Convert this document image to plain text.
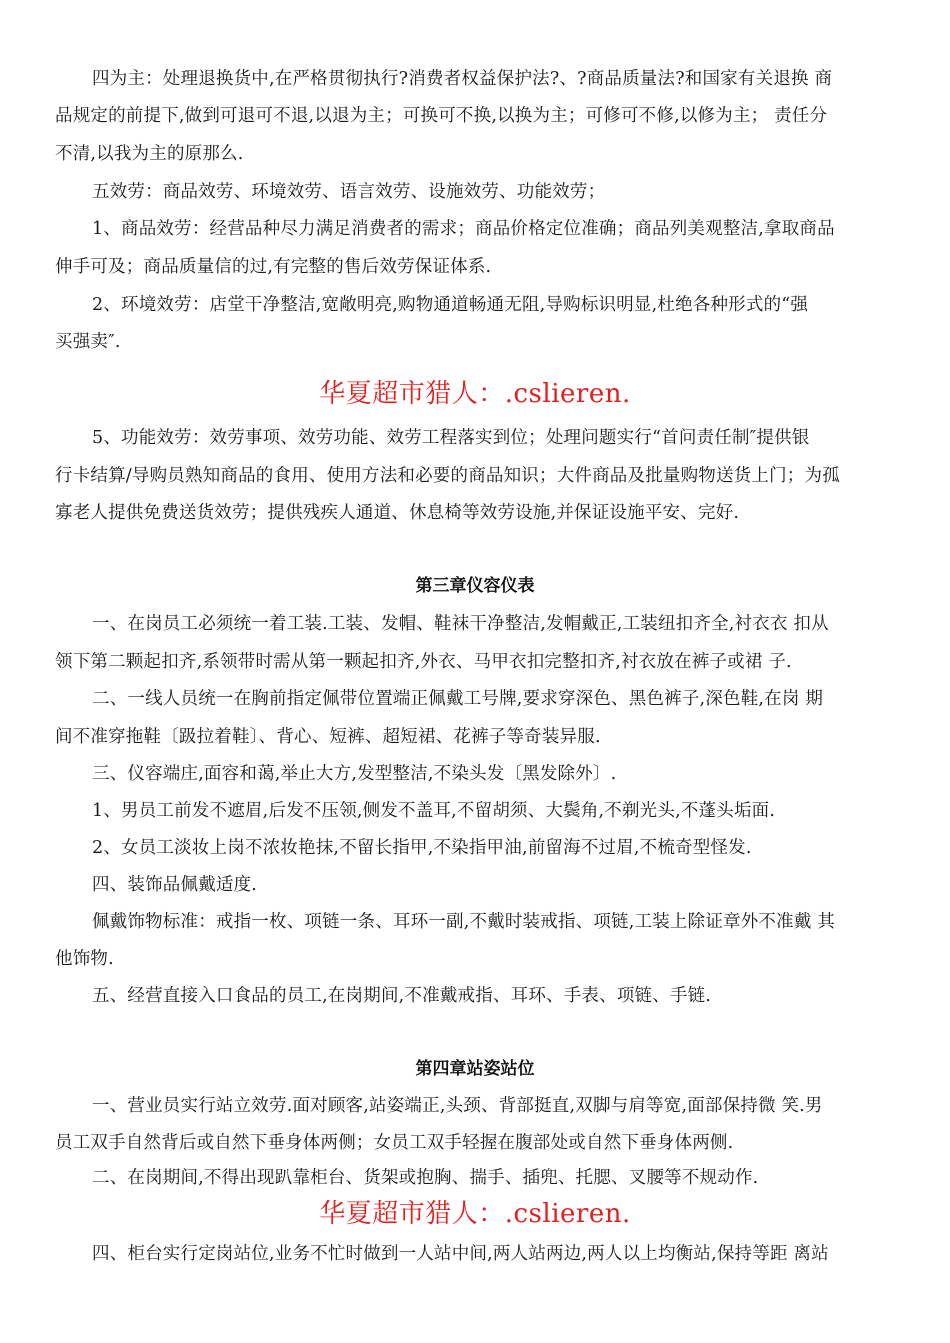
四为主：处理退换货中,在严格贯彻执行?消费者权益保护法?、?商品质量法?和国家有关退换 商
品规定的前提下,做到可退可不退,以退为主；可换可不换,以换为主；可修可不修,以修为主； 责任分
不清,以我为主的原那么.
五效劳：商品效劳、环境效劳、语言效劳、设施效劳、功能效劳；
1、商品效劳：经营品种尽力满足消费者的需求；商品价格定位准确；商品列美观整洁,拿取商品
伸手可及；商品质量信的过,有完整的售后效劳保证体系.
2、环境效劳：店堂干净整洁,宽敞明亮,购物通道畅通无阻,导购标识明显,杜绝各种形式的“强
买强卖″.
华夏超市猎人：.cslieren.
5、功能效劳：效劳事项、效劳功能、效劳工程落实到位；处理问题实行“首问责任制″提供银
行卡结算/导购员熟知商品的食用、使用方法和必要的商品知识；大件商品及批量购物送货上门；为孤
寡老人提供免费送货效劳；提供残疾人通道、休息椅等效劳设施,并保证设施平安、完好.
第三章仪容仪表
一、在岗员工必须统一着工装.工装、发帽、鞋袜干净整洁,发帽戴正,工装纽扣齐全,衬衣衣 扣从
领下第二颗起扣齐,系领带时需从第一颗起扣齐,外衣、马甲衣扣完整扣齐,衬衣放在裤子或裙 子.
二、一线人员统一在胸前指定佩带位置端正佩戴工号牌,要求穿深色、黑色裤子,深色鞋,在岗 期
间不准穿拖鞋〔趿拉着鞋〕、背心、短裤、超短裙、花裤子等奇装异服.
三、仪容端庄,面容和蔼,举止大方,发型整洁,不染头发〔黑发除外〕.
1、男员工前发不遮眉,后发不压领,侧发不盖耳,不留胡须、大鬓角,不剃光头,不蓬头垢面.
2、女员工淡妆上岗不浓妆艳抹,不留长指甲,不染指甲油,前留海不过眉,不梳奇型怪发.
四、装饰品佩戴适度.
佩戴饰物标准：戒指一枚、项链一条、耳环一副,不戴时装戒指、项链,工装上除证章外不准戴 其
他饰物.
五、经营直接入口食品的员工,在岗期间,不准戴戒指、耳环、手表、项链、手链.
第四章站姿站位
一、营业员实行站立效劳.面对顾客,站姿端正,头颈、背部挺直,双脚与肩等宽,面部保持微 笑.男
员工双手自然背后或自然下垂身体两侧；女员工双手轻握在腹部处或自然下垂身体两侧.
二、在岗期间,不得出现趴靠柜台、货架或抱胸、揣手、插兜、托腮、叉腰等不规动作.
华夏超市猎人：.cslieren.
四、柜台实行定岗站位,业务不忙时做到一人站中间,两人站两边,两人以上均衡站,保持等距 离站
